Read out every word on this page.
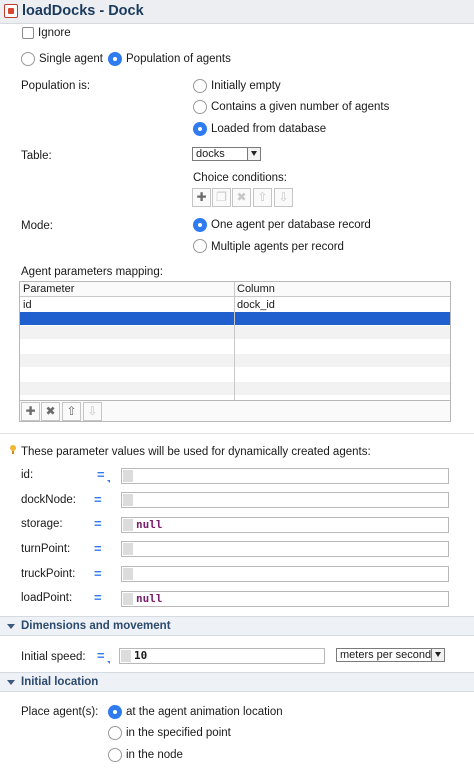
loadDocks - Dock
Ignore
Single agent Population of agents
Population is:	Initially empty
Contains a given number of agents
Loaded from database
Table:	docks
Choice conditions:
✚ ❐ ✖ ⇧ ⇩
Mode:	One agent per database record
Multiple agents per record
Agent parameters mapping:
Parameter	Column
id	dock_id
✚ ✖ ⇧ ⇩
These parameter values will be used for dynamically created agents:
id:	=
dockNode: =
storage: =	null
turnPoint: =
truckPoint: =
loadPoint: =	null
Dimensions and movement
Initial speed: =	10	meters per second
Initial location
Place agent(s): at the agent animation location
in the specified point
in the node
